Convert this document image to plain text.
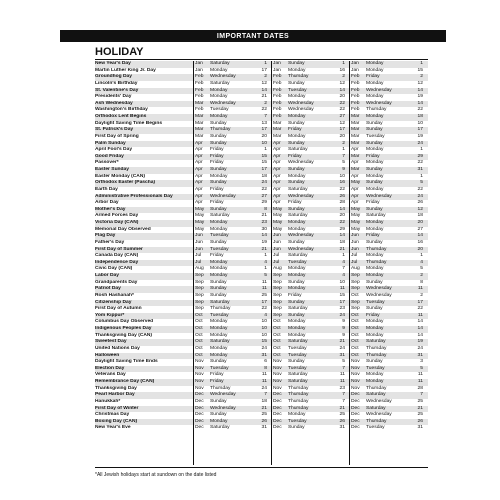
IMPORTANT DATES
HOLIDAY
New Year's Day	Jan	Saturday	1 Jan	Sunday	1 Jan	Monday	1
Martin Luther King Jr. Day	Jan	Monday	17 Jan	Monday	16 Jan	Monday	15
Groundhog Day	Feb	Wednesday	2 Feb	Thursday	2 Feb	Friday	2
Lincoln's Birthday	Feb	Saturday	12 Feb	Sunday	12 Feb	Monday	12
St. Valentine's Day	Feb	Monday	14 Feb	Tuesday	14 Feb	Wednesday	14
Presidents' Day	Feb	Monday	21 Feb	Monday	20 Feb	Monday	19
Ash Wednesday	Mar	Wednesday	2 Feb	Wednesday	22 Feb	Wednesday	14
Washington's Birthday	Feb	Tuesday	22 Feb	Wednesday	22 Feb	Thursday	22
Orthodox Lent Begins	Mar	Monday	7 Feb	Monday	27 Mar	Monday	18
Daylight Saving Time Begins	Mar	Sunday	13 Mar	Sunday	12 Mar	Sunday	10
St. Patrick's Day	Mar	Thursday	17 Mar	Friday	17 Mar	Sunday	17
First Day of Spring	Mar	Sunday	20 Mar	Monday	20 Mar	Tuesday	19
Palm Sunday	Apr	Sunday	10 Apr	Sunday	2 Mar	Sunday	24
April Fool's Day	Apr	Friday	1 Apr	Saturday	1 Apr	Monday	1
Good Friday	Apr	Friday	15 Apr	Friday	7 Mar	Friday	29
Passover*	Apr	Friday	15 Apr	Wednesday	5 Apr	Monday	22
Easter Sunday	Apr	Sunday	17 Apr	Sunday	9 Mar	Sunday	31
Easter Monday (CAN)	Apr	Monday	18 Apr	Monday	10 Apr	Monday	1
Orthodox Easter (Pascha)	Apr	Sunday	24 Apr	Sunday	16 May	Sunday	5
Earth Day	Apr	Friday	22 Apr	Saturday	22 Apr	Monday	22
Administrative Professionals Day	Apr	Wednesday	27 Apr	Wednesday	26 Apr	Wednesday	24
Arbor Day	Apr	Friday	29 Apr	Friday	28 Apr	Friday	26
Mother's Day	May	Sunday	8 May	Sunday	14 May	Sunday	12
Armed Forces Day	May	Saturday	21 May	Saturday	20 May	Saturday	18
Victoria Day (CAN)	May	Monday	23 May	Monday	22 May	Monday	20
Memorial Day Observed	May	Monday	30 May	Monday	29 May	Monday	27
Flag Day	Jun	Tuesday	14 Jun	Wednesday	14 Jun	Friday	14
Father's Day	Jun	Sunday	19 Jun	Sunday	18 Jun	Sunday	16
First Day of Summer	Jun	Tuesday	21 Jun	Wednesday	21 Jun	Thursday	20
Canada Day (CAN)	Jul	Friday	1 Jul	Saturday	1 Jul	Monday	1
Independence Day	Jul	Monday	4 Jul	Tuesday	4 Jul	Thursday	4
Civic Day (CAN)	Aug	Monday	1 Aug	Monday	7 Aug	Monday	5
Labor Day	Sep	Monday	5 Sep	Monday	4 Sep	Monday	2
Grandparents Day	Sep	Sunday	11 Sep	Sunday	10 Sep	Sunday	8
Patriot Day	Sep	Sunday	11 Sep	Monday	11 Sep	Wednesday	11
Rosh Hashanah*	Sep	Sunday	25 Sep	Friday	15 Oct	Wednesday	2
Citizenship Day	Sep	Saturday	17 Sep	Sunday	17 Sep	Tuesday	17
First Day of Autumn	Sep	Thursday	22 Sep	Saturday	23 Sep	Sunday	22
Yom Kippur*	Oct	Tuesday	4 Sep	Sunday	24 Oct	Friday	11
Columbus Day Observed	Oct	Monday	10 Oct	Monday	9 Oct	Monday	14
Indigenous Peoples Day	Oct	Monday	10 Oct	Monday	9 Oct	Monday	14
Thanksgiving Day (CAN)	Oct	Monday	10 Oct	Monday	9 Oct	Monday	14
Sweetest Day	Oct	Saturday	15 Oct	Saturday	21 Oct	Saturday	19
United Nations Day	Oct	Monday	24 Oct	Tuesday	24 Oct	Thursday	24
Halloween	Oct	Monday	31 Oct	Tuesday	31 Oct	Thursday	31
Daylight Saving Time Ends	Nov	Sunday	6 Nov	Sunday	5 Nov	Sunday	3
Election Day	Nov	Tuesday	8 Nov	Tuesday	7 Nov	Tuesday	5
Veterans Day	Nov	Friday	11 Nov	Saturday	11 Nov	Monday	11
Remembrance Day (CAN)	Nov	Friday	11 Nov	Saturday	11 Nov	Monday	11
Thanksgiving Day	Nov	Thursday	24 Nov	Thursday	23 Nov	Thursday	28
Pearl Harbor Day	Dec	Wednesday	7 Dec	Thursday	7 Dec	Saturday	7
Hanukkah*	Dec	Sunday	18 Dec	Thursday	7 Dec	Wednesday	25
First Day of Winter	Dec	Wednesday	21 Dec	Thursday	21 Dec	Saturday	21
Christmas Day	Dec	Sunday	25 Dec	Monday	25 Dec	Wednesday	25
Boxing Day (CAN)	Dec	Monday	26 Dec	Tuesday	26 Dec	Thursday	26
New Year's Eve	Dec	Saturday	31 Dec	Sunday	31 Dec	Tuesday	31
*All Jewish holidays start at sundown on the date listed
